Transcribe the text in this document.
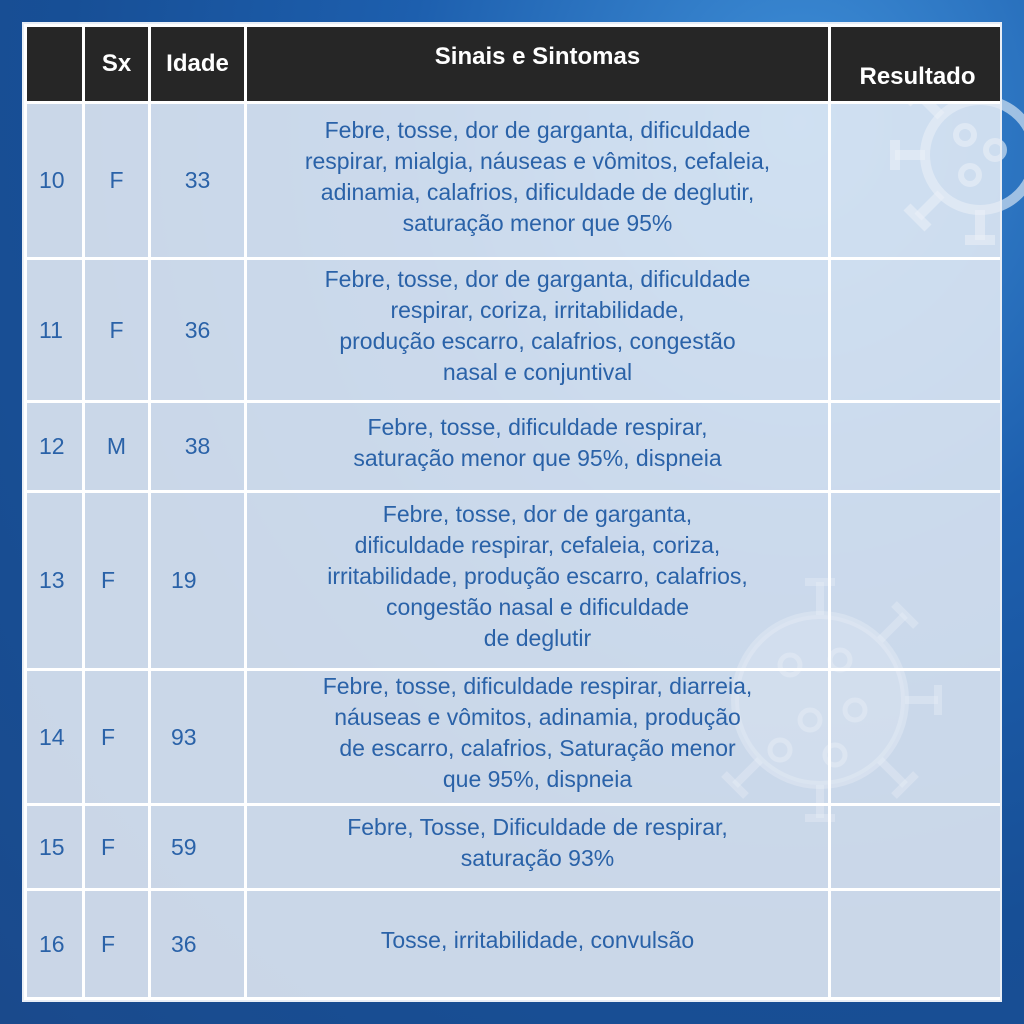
	Sx	Idade	Sinais e Sintomas	Resultado
10	F	33	Febre, tosse, dor de garganta, dificuldade
respirar, mialgia, náuseas e vômitos, cefaleia,
adinamia, calafrios, dificuldade de deglutir,
saturação menor que 95%	

11	F	36	Febre, tosse, dor de garganta, dificuldade
respirar, coriza, irritabilidade,
produção escarro, calafrios, congestão
nasal e conjuntival	

12	M	38	Febre, tosse, dificuldade respirar,
saturação menor que 95%, dispneia	

13	F	19	Febre, tosse, dor de garganta,
dificuldade respirar, cefaleia, coriza,
irritabilidade, produção escarro, calafrios,
congestão nasal e dificuldade
de deglutir	

14	F	93	Febre, tosse, dificuldade respirar, diarreia,
náuseas e vômitos, adinamia, produção
de escarro, calafrios, Saturação menor
que 95%, dispneia	

15	F	59	Febre, Tosse, Dificuldade de respirar,
saturação 93%	

16	F	36	Tosse, irritabilidade, convulsão	
